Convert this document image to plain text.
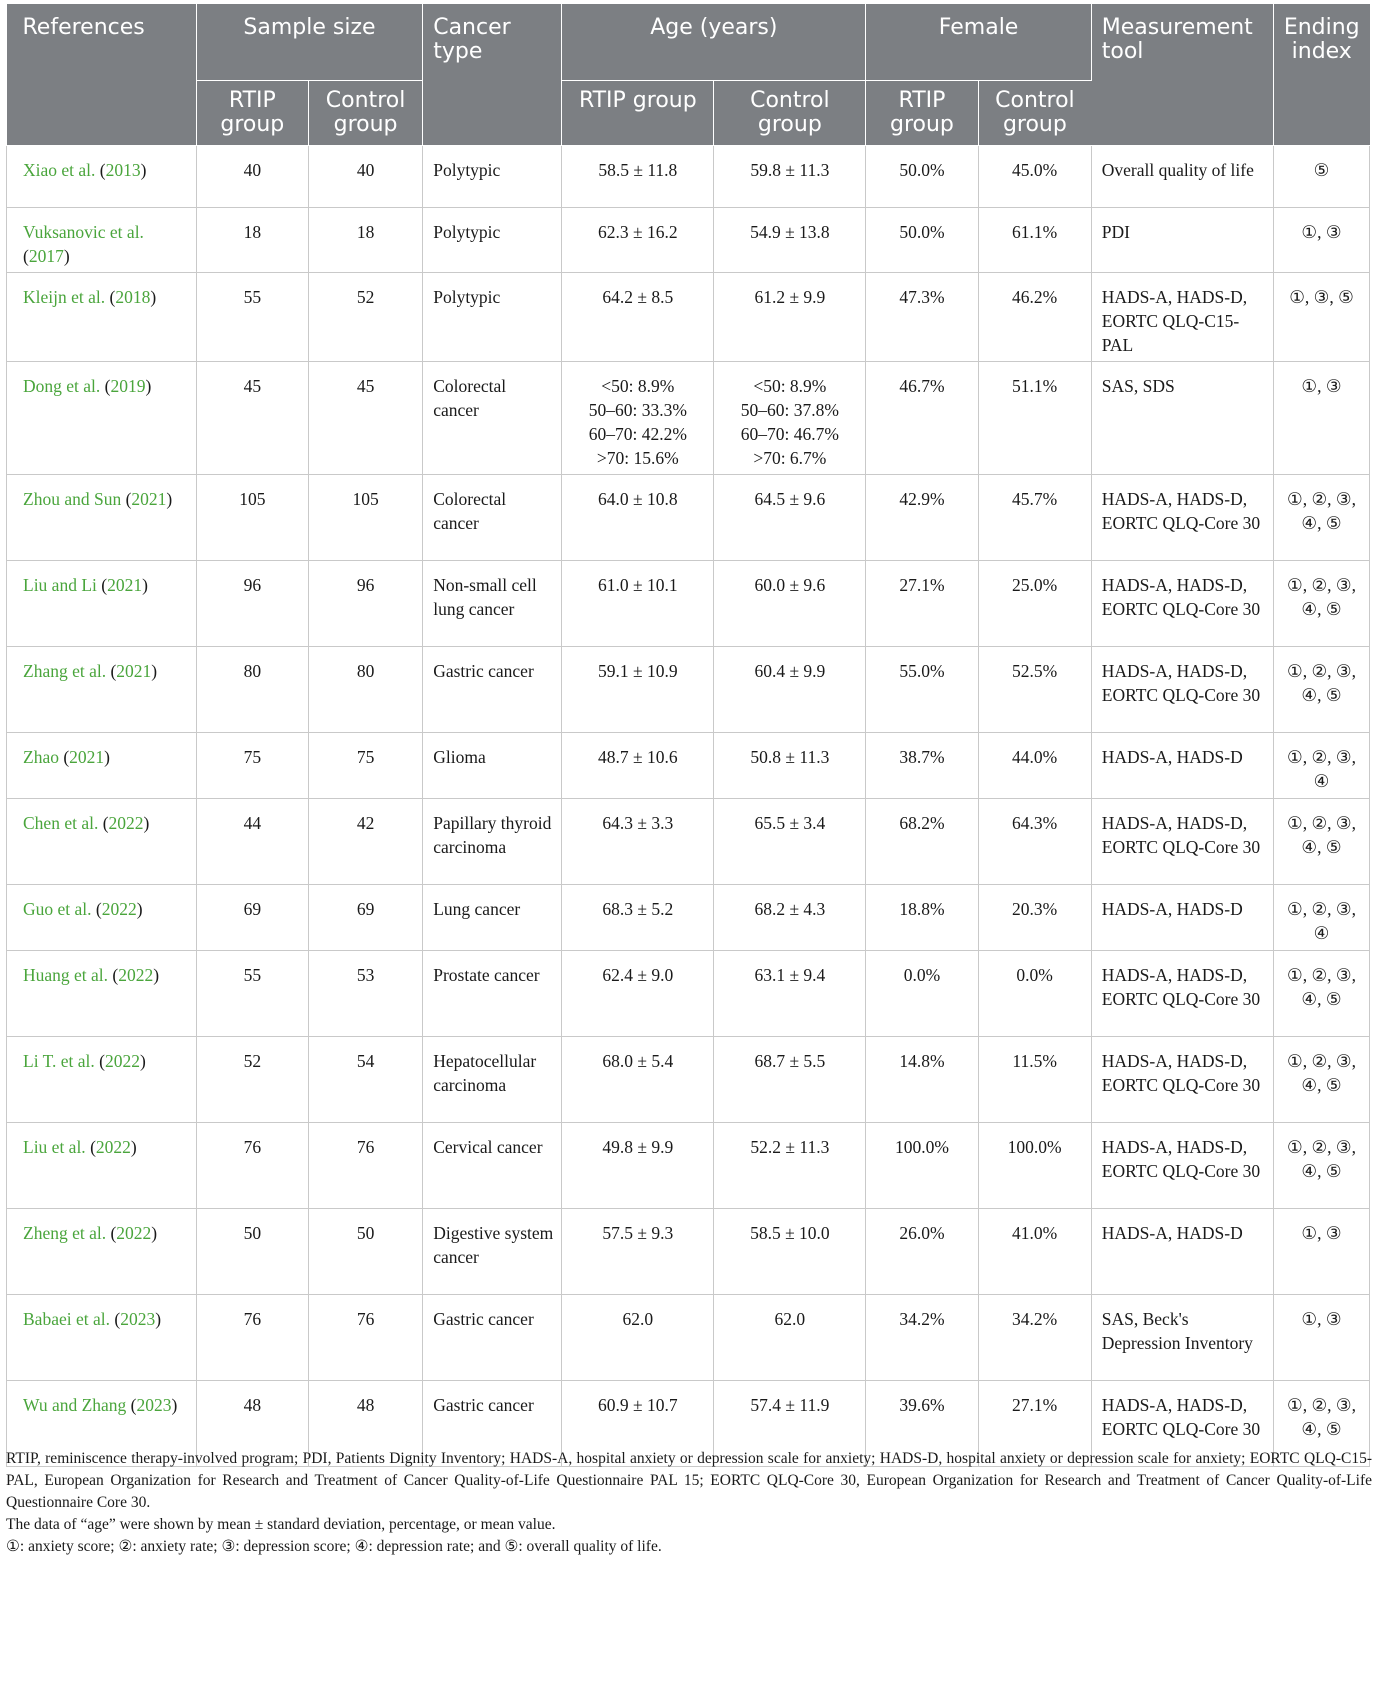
References	Sample size		Cancer type	Age (years)		Female		Measurement tool	Ending index
	RTIP group	Control group		RTIP group	Control group	RTIP group	Control group		
Xiao et al. (2013)	40	40	Polytypic	58.5 ± 11.8	59.8 ± 11.3	50.0%	45.0%	Overall quality of life	⑤
Vuksanovic et al. (2017)	18	18	Polytypic	62.3 ± 16.2	54.9 ± 13.8	50.0%	61.1%	PDI	①, ③
Kleijn et al. (2018)	55	52	Polytypic	64.2 ± 8.5	61.2 ± 9.9	47.3%	46.2%	HADS-A, HADS-D, EORTC QLQ-C15-PAL	①, ③, ⑤
Dong et al. (2019)	45	45	Colorectal cancer	<50: 8.9%
50–60: 33.3%
60–70: 42.2%
>70: 15.6%	<50: 8.9%
50–60: 37.8%
60–70: 46.7%
>70: 6.7%	46.7%	51.1%	SAS, SDS	①, ③
Zhou and Sun (2021)	105	105	Colorectal cancer	64.0 ± 10.8	64.5 ± 9.6	42.9%	45.7%	HADS-A, HADS-D, EORTC QLQ-Core 30	①, ②, ③, ④, ⑤
Liu and Li (2021)	96	96	Non-small cell lung cancer	61.0 ± 10.1	60.0 ± 9.6	27.1%	25.0%	HADS-A, HADS-D, EORTC QLQ-Core 30	①, ②, ③, ④, ⑤
Zhang et al. (2021)	80	80	Gastric cancer	59.1 ± 10.9	60.4 ± 9.9	55.0%	52.5%	HADS-A, HADS-D, EORTC QLQ-Core 30	①, ②, ③, ④, ⑤
Zhao (2021)	75	75	Glioma	48.7 ± 10.6	50.8 ± 11.3	38.7%	44.0%	HADS-A, HADS-D	①, ②, ③, ④
Chen et al. (2022)	44	42	Papillary thyroid carcinoma	64.3 ± 3.3	65.5 ± 3.4	68.2%	64.3%	HADS-A, HADS-D, EORTC QLQ-Core 30	①, ②, ③, ④, ⑤
Guo et al. (2022)	69	69	Lung cancer	68.3 ± 5.2	68.2 ± 4.3	18.8%	20.3%	HADS-A, HADS-D	①, ②, ③, ④
Huang et al. (2022)	55	53	Prostate cancer	62.4 ± 9.0	63.1 ± 9.4	0.0%	0.0%	HADS-A, HADS-D, EORTC QLQ-Core 30	①, ②, ③, ④, ⑤
Li T. et al. (2022)	52	54	Hepatocellular carcinoma	68.0 ± 5.4	68.7 ± 5.5	14.8%	11.5%	HADS-A, HADS-D, EORTC QLQ-Core 30	①, ②, ③, ④, ⑤
Liu et al. (2022)	76	76	Cervical cancer	49.8 ± 9.9	52.2 ± 11.3	100.0%	100.0%	HADS-A, HADS-D, EORTC QLQ-Core 30	①, ②, ③, ④, ⑤
Zheng et al. (2022)	50	50	Digestive system cancer	57.5 ± 9.3	58.5 ± 10.0	26.0%	41.0%	HADS-A, HADS-D	①, ③
Babaei et al. (2023)	76	76	Gastric cancer	62.0	62.0	34.2%	34.2%	SAS, Beck's Depression Inventory	①, ③
Wu and Zhang (2023)	48	48	Gastric cancer	60.9 ± 10.7	57.4 ± 11.9	39.6%	27.1%	HADS-A, HADS-D, EORTC QLQ-Core 30	①, ②, ③, ④, ⑤

RTIP, reminiscence therapy-involved program; PDI, Patients Dignity Inventory; HADS-A, hospital anxiety or depression scale for anxiety; HADS-D, hospital anxiety or depression scale for anxiety; EORTC QLQ-C15-PAL, European Organization for Research and Treatment of Cancer Quality-of-Life Questionnaire PAL 15; EORTC QLQ-Core 30, European Organization for Research and Treatment of Cancer Quality-of-Life Questionnaire Core 30.

The data of “age” were shown by mean ± standard deviation, percentage, or mean value.

①: anxiety score; ②: anxiety rate; ③: depression score; ④: depression rate; and ⑤: overall quality of life.
